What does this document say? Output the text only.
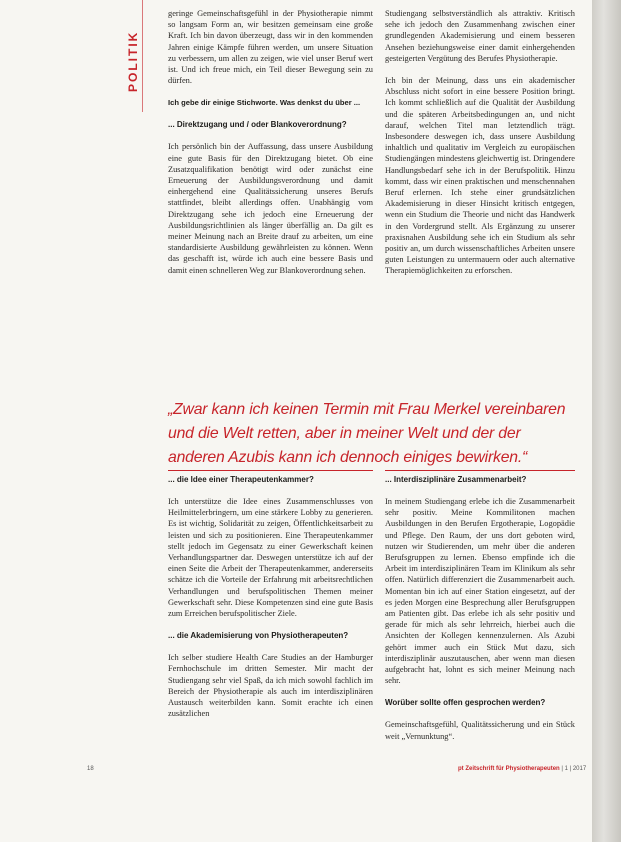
POLITIK

geringe Gemeinschaftsgefühl in der Physiotherapie nimmt so langsam Form an, wir besitzen gemeinsam eine große Kraft. Ich bin davon überzeugt, dass wir in den kommenden Jahren einige Kämpfe führen werden, um unsere Situation zu verbessern, um allen zu zeigen, wie viel unser Beruf wert ist. Und ich freue mich, ein Teil dieser Bewegung sein zu dürfen.

Ich gebe dir einige Stichworte. Was denkst du über ...
... Direktzugang und / oder Blankoverordnung?

Ich persönlich bin der Auffassung, dass unsere Ausbildung eine gute Basis für den Direktzugang bietet. Ob eine Zusatzqualifikation benötigt wird oder zunächst eine Erneuerung der Ausbildungsverordnung und damit einhergehend eine Qualitätssicherung unseres Berufs stattfindet, bleibt allerdings offen. Unabhängig vom Direktzugang sehe ich jedoch eine Erneuerung der Ausbildungsrichtlinien als länger überfällig an. Da gilt es meiner Meinung nach an Breite drauf zu arbeiten, um eine standardisierte Ausbildung gewährleisten zu können. Wenn das geschafft ist, würde ich auch eine bessere Basis und damit einen schnelleren Weg zur Blankoverordnung sehen.

Studiengang selbstverständlich als attraktiv. Kritisch sehe ich jedoch den Zusammenhang zwischen einer grundlegenden Akademisierung und einem besseren Ansehen beziehungsweise einer damit einhergehenden gesteigerten Vergütung des Berufes Physiotherapie.

Ich bin der Meinung, dass uns ein akademischer Abschluss nicht sofort in eine bessere Position bringt. Ich kommt schließlich auf die Qualität der Ausbildung und die späteren Arbeitsbedingungen an, und nicht darauf, welchen Titel man letztendlich trägt. Insbesondere deswegen ich, dass unsere Ausbildung inhaltlich und qualitativ im Vergleich zu europäischen Studiengängen mindestens gleichwertig ist. Dringendere Handlungsbedarf sehe ich in der Berufspolitik. Hinzu kommt, dass wir einen praktischen und menschennahen Beruf erlernen. Ich stehe einer grundsätzlichen Akademisierung in dieser Hinsicht kritisch entgegen, wenn ein Studium die Theorie und nicht das Handwerk in den Vordergrund stellt. Als Ergänzung zu unserer praxisnahen Ausbildung sehe ich ein Studium als sehr positiv an, um durch wissenschaftliches Arbeiten unsere guten Leistungen zu untermauern oder auch alternative Therapiemöglichkeiten zu erforschen.

„Zwar kann ich keinen Termin mit Frau Merkel vereinbaren und die Welt retten, aber in meiner Welt und der der anderen Azubis kann ich dennoch einiges bewirken.“
... die Idee einer Therapeutenkammer?

Ich unterstütze die Idee eines Zusammenschlusses von Heilmittelerbringern, um eine stärkere Lobby zu generieren. Es ist wichtig, Solidarität zu zeigen, Öffentlichkeitsarbeit zu leisten und sich zu positionieren. Eine Therapeutenkammer stellt jedoch im Gegensatz zu einer Gewerkschaft keinen Verhandlungspartner dar. Deswegen unterstütze ich auf der einen Seite die Arbeit der Therapeutenkammer, andererseits schätze ich die Vorteile der Erfahrung mit arbeitsrechtlichen Verhandlungen und berufspolitischen Themen meiner Gewerkschaft sehr. Diese Kompetenzen sind eine gute Basis zum Erreichen berufspolitischer Ziele.

... die Akademisierung von Physiotherapeuten?

Ich selber studiere Health Care Studies an der Hamburger Fernhochschule im dritten Semester. Mir macht der Studiengang sehr viel Spaß, da ich mich sowohl fachlich im Bereich der Physiotherapie als auch im interdisziplinären Austausch weiterbilden kann. Somit erachte ich einen zusätzlichen

... Interdisziplinäre Zusammenarbeit?

In meinem Studiengang erlebe ich die Zusammenarbeit sehr positiv. Meine Kommilitonen machen Ausbildungen in den Berufen Ergotherapie, Logopädie und Pflege. Den Raum, der uns dort geboten wird, nutzen wir Studierenden, um mehr über die anderen Berufsgruppen zu lernen. Ebenso empfinde ich die Arbeit im interdisziplinären Team im Klinikum als sehr offen. Natürlich differenziert die Zusammenarbeit auch. Momentan bin ich auf einer Station eingesetzt, auf der es jeden Morgen eine Besprechung aller Berufsgruppen am Patienten gibt. Das erlebe ich als sehr positiv und gerade für mich als sehr lehrreich, hierbei auch die Ansichten der Kollegen kennenzulernen. Als Azubi gehört immer auch ein Stück Mut dazu, sich interdisziplinär auszutauschen, aber wenn man diesen aufgebracht hat, lohnt es sich meiner Meinung nach sehr.

Worüber sollte offen gesprochen werden?

Gemeinschaftsgefühl, Qualitätssicherung und ein Stück weit „Vernunktung“.

18	pt Zeitschrift für Physiotherapeuten | 1 | 2017
